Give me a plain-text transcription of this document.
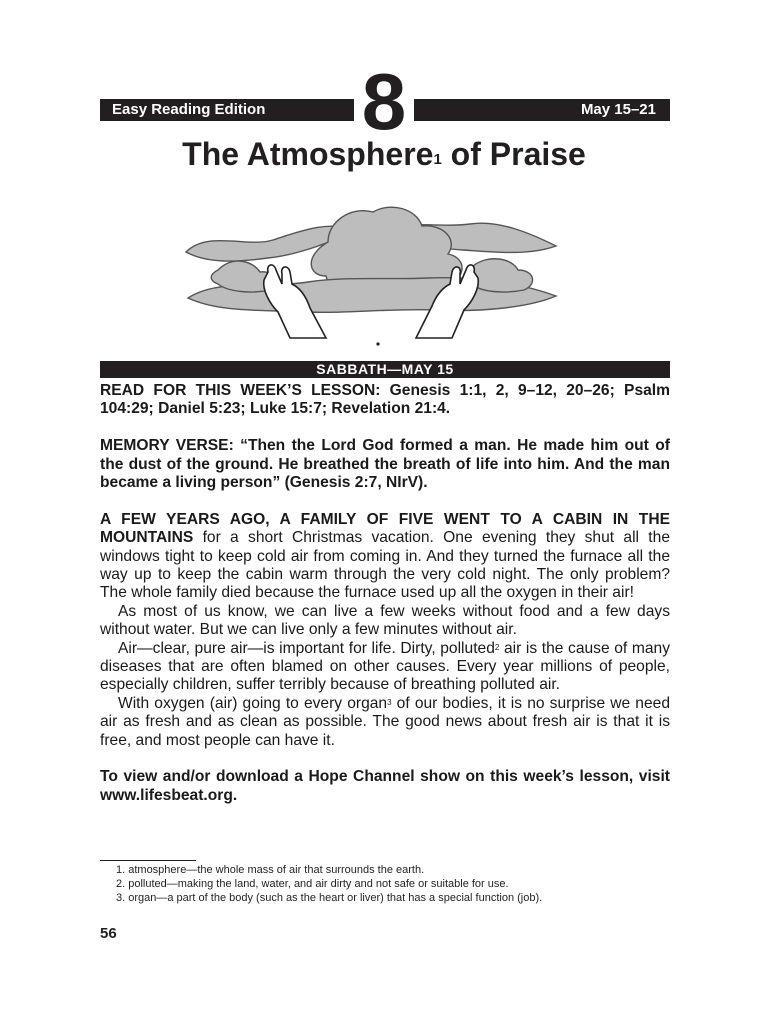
Easy Reading Edition	8	May 15–21
The Atmosphere$^1$ of Praise
SABBATH—MAY 15

READ FOR THIS WEEK’S LESSON: Genesis 1:1, 2, 9–12, 20–26; Psalm 104:29; Daniel 5:23; Luke 15:7; Revelation 21:4.

MEMORY VERSE: “Then the Lord God formed a man. He made him out of the dust of the ground. He breathed the breath of life into him. And the man became a living person” (Genesis 2:7, NIrV).

A FEW YEARS AGO, A FAMILY OF FIVE WENT TO A CABIN IN THE MOUNTAINS for a short Christmas vacation. One evening they shut all the windows tight to keep cold air from coming in. And they turned the furnace all the way up to keep the cabin warm through the very cold night. The only problem? The whole family died because the furnace used up all the oxygen in their air!

As most of us know, we can live a few weeks without food and a few days without water. But we can live only a few minutes without air.

Air—clear, pure air—is important for life. Dirty, polluted$^2$ air is the cause of many diseases that are often blamed on other causes. Every year millions of people, especially children, suffer terribly because of breathing polluted air.

With oxygen (air) going to every organ$^3$ of our bodies, it is no surprise we need air as fresh and as clean as possible. The good news about fresh air is that it is free, and most people can have it.

To view and/or download a Hope Channel show on this week’s lesson, visit www.lifesbeat.org.

1. atmosphere—the whole mass of air that surrounds the earth.
2. polluted—making the land, water, and air dirty and not safe or suitable for use.
3. organ—a part of the body (such as the heart or liver) that has a special function (job).
56
